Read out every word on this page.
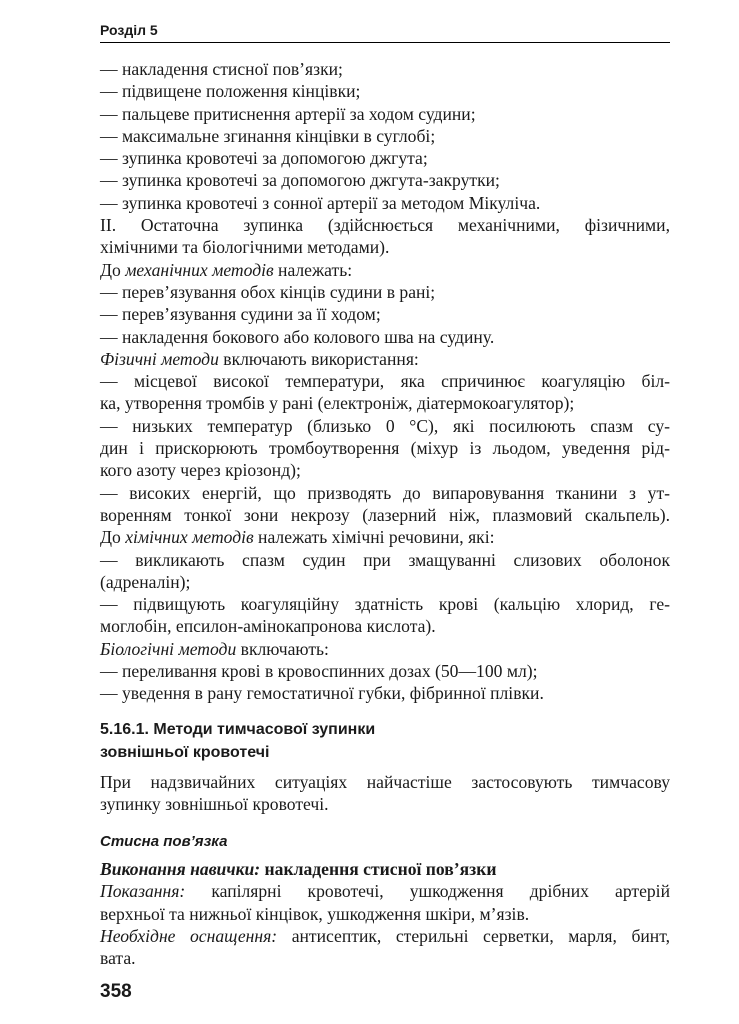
Розділ 5
— накладення стисної пов’язки;
— підвищене положення кінцівки;
— пальцеве притиснення артерії за ходом судини;
— максимальне згинання кінцівки в суглобі;
— зупинка кровотечі за допомогою джгута;
— зупинка кровотечі за допомогою джгута-закрутки;
— зупинка кровотечі з сонної артерії за методом Мікуліча.
II. Остаточна зупинка (здійснюється механічними, фізичними,
хімічними та біологічними методами).
До механічних методів належать:
— перев’язування обох кінців судини в рані;
— перев’язування судини за її ходом;
— накладення бокового або колового шва на судину.
Фізичні методи включають використання:
— місцевої високої температури, яка спричинює коагуляцію біл-
ка, утворення тромбів у рані (електроніж, діатермокоагулятор);
— низьких температур (близько 0 °С), які посилюють спазм су-
дин і прискорюють тромбоутворення (міхур із льодом, уведення рід-
кого азоту через кріозонд);
— високих енергій, що призводять до випаровування тканини з ут-
воренням тонкої зони некрозу (лазерний ніж, плазмовий скальпель).
До хімічних методів належать хімічні речовини, які:
— викликають спазм судин при змащуванні слизових оболонок
(адреналін);
— підвищують коагуляційну здатність крові (кальцію хлорид, ге-
моглобін, епсилон-амінокапронова кислота).
Біологічні методи включають:
— переливання крові в кровоспинних дозах (50—100 мл);
— уведення в рану гемостатичної губки, фібринної плівки.
5.16.1. Методи тимчасової зупинки
зовнішньої кровотечі
При надзвичайних ситуаціях найчастіше застосовують тимчасову
зупинку зовнішньої кровотечі.
Стисна пов’язка
Виконання навички: накладення стисної пов’язки
Показання: капілярні кровотечі, ушкодження дрібних артерій
верхньої та нижньої кінцівок, ушкодження шкіри, м’язів.
Необхідне оснащення: антисептик, стерильні серветки, марля, бинт,
вата.
358
